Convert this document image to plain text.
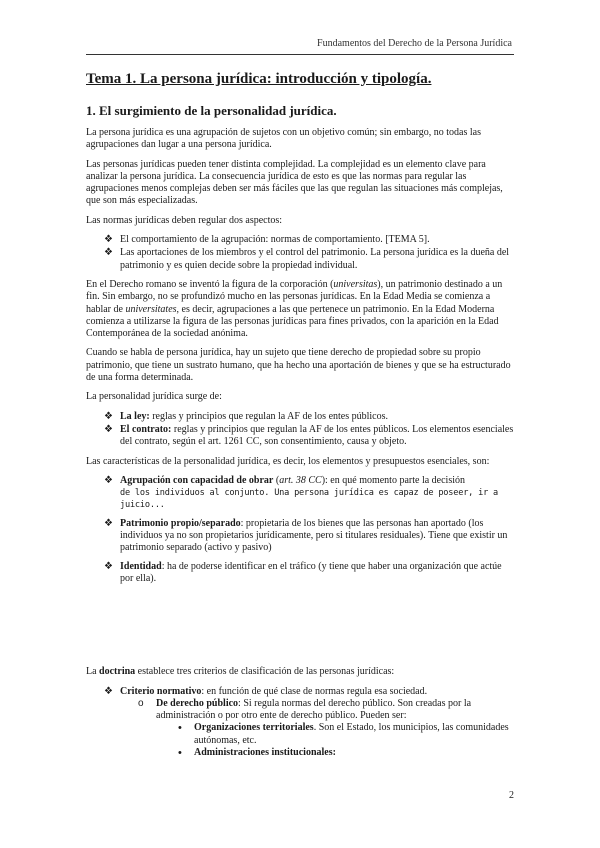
Fundamentos del Derecho de la Persona Jurídica
Tema 1. La persona jurídica: introducción y tipología.
1. El surgimiento de la personalidad jurídica.

La persona jurídica es una agrupación de sujetos con un objetivo común; sin embargo, no todas las agrupaciones dan lugar a una persona jurídica.

Las personas jurídicas pueden tener distinta complejidad. La complejidad es un elemento clave para analizar la persona jurídica. La consecuencia jurídica de esto es que las normas para regular las agrupaciones menos complejas deben ser más fáciles que las que regulan las situaciones más complejas, que son más especializadas.

Las normas jurídicas deben regular dos aspectos:

❖ El comportamiento de la agrupación: normas de comportamiento. [TEMA 5].
❖ Las aportaciones de los miembros y el control del patrimonio. La persona jurídica es la dueña del patrimonio y es quien decide sobre la propiedad individual.

En el Derecho romano se inventó la figura de la corporación (universitas), un patrimonio destinado a un fin. Sin embargo, no se profundizó mucho en las personas jurídicas. En la Edad Media se comienza a hablar de universitates, es decir, agrupaciones a las que pertenece un patrimonio. En la Edad Moderna comienza a utilizarse la figura de las personas jurídicas para fines privados, con la aparición en la Edad Contemporánea de la sociedad anónima.

Cuando se habla de persona jurídica, hay un sujeto que tiene derecho de propiedad sobre su propio patrimonio, que tiene un sustrato humano, que ha hecho una aportación de bienes y que se ha estructurado de una forma determinada.

La personalidad jurídica surge de:

❖ La ley: reglas y principios que regulan la AF de los entes públicos.
❖ El contrato: reglas y principios que regulan la AF de los entes públicos. Los elementos esenciales del contrato, según el art. 1261 CC, son consentimiento, causa y objeto.

Las características de la personalidad jurídica, es decir, los elementos y presupuestos esenciales, son:

❖ Agrupación con capacidad de obrar (art. 38 CC): en qué momento parte la decisión
de los individuos al conjunto. Una persona jurídica es capaz de poseer, ir a juicio...
❖ Patrimonio propio/separado: propietaria de los bienes que las personas han aportado (los individuos ya no son propietarios jurídicamente, pero si titulares residuales). Tiene que existir un patrimonio separado (activo y pasivo)
❖ Identidad: ha de poderse identificar en el tráfico (y tiene que haber una organización que actúe por ella).

La doctrina establece tres criterios de clasificación de las personas jurídicas:

❖ Criterio normativo: en función de qué clase de normas regula esa sociedad.
o De derecho público: Si regula normas del derecho público. Son creadas por la administración o por otro ente de derecho público. Pueden ser:
• Organizaciones territoriales. Son el Estado, los municipios, las comunidades autónomas, etc.
• Administraciones institucionales:
2
